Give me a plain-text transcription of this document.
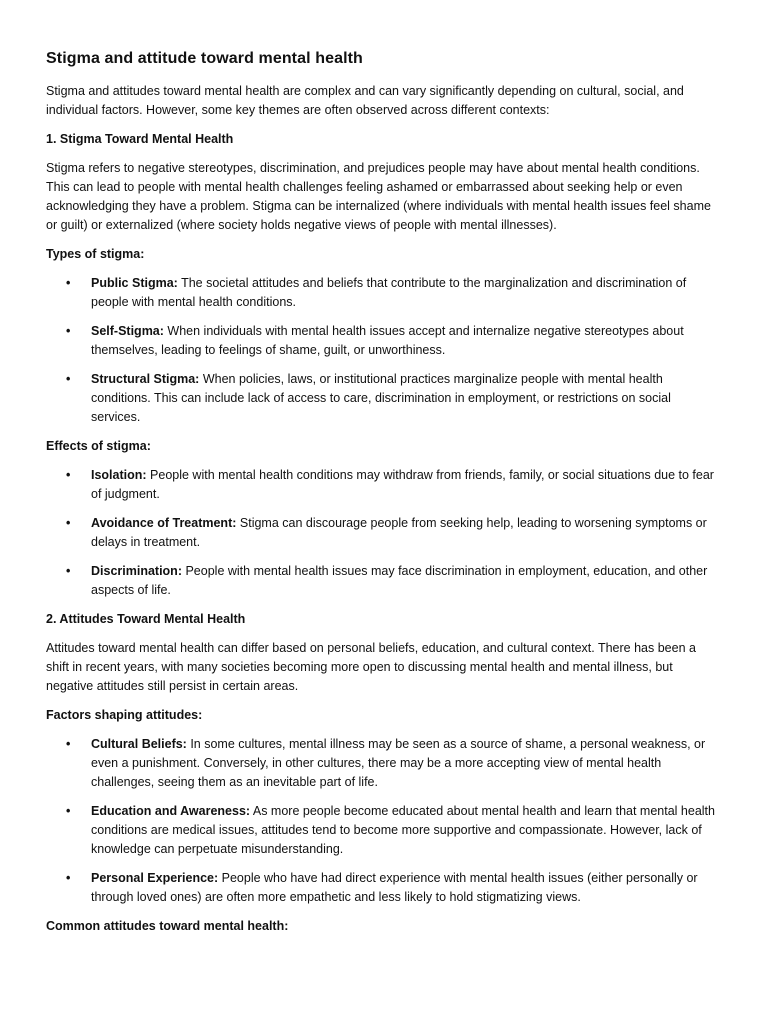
Stigma and attitude toward mental health

Stigma and attitudes toward mental health are complex and can vary significantly depending on cultural, social, and individual factors. However, some key themes are often observed across different contexts:

1. Stigma Toward Mental Health

Stigma refers to negative stereotypes, discrimination, and prejudices people may have about mental health conditions. This can lead to people with mental health challenges feeling ashamed or embarrassed about seeking help or even acknowledging they have a problem. Stigma can be internalized (where individuals with mental health issues feel shame or guilt) or externalized (where society holds negative views of people with mental illnesses).

Types of stigma:

• Public Stigma: The societal attitudes and beliefs that contribute to the marginalization and discrimination of people with mental health conditions.
• Self-Stigma: When individuals with mental health issues accept and internalize negative stereotypes about themselves, leading to feelings of shame, guilt, or unworthiness.
• Structural Stigma: When policies, laws, or institutional practices marginalize people with mental health conditions. This can include lack of access to care, discrimination in employment, or restrictions on social services.

Effects of stigma:

• Isolation: People with mental health conditions may withdraw from friends, family, or social situations due to fear of judgment.
• Avoidance of Treatment: Stigma can discourage people from seeking help, leading to worsening symptoms or delays in treatment.
• Discrimination: People with mental health issues may face discrimination in employment, education, and other aspects of life.

2. Attitudes Toward Mental Health

Attitudes toward mental health can differ based on personal beliefs, education, and cultural context. There has been a shift in recent years, with many societies becoming more open to discussing mental health and mental illness, but negative attitudes still persist in certain areas.

Factors shaping attitudes:

• Cultural Beliefs: In some cultures, mental illness may be seen as a source of shame, a personal weakness, or even a punishment. Conversely, in other cultures, there may be a more accepting view of mental health challenges, seeing them as an inevitable part of life.
• Education and Awareness: As more people become educated about mental health and learn that mental health conditions are medical issues, attitudes tend to become more supportive and compassionate. However, lack of knowledge can perpetuate misunderstanding.
• Personal Experience: People who have had direct experience with mental health issues (either personally or through loved ones) are often more empathetic and less likely to hold stigmatizing views.

Common attitudes toward mental health:
